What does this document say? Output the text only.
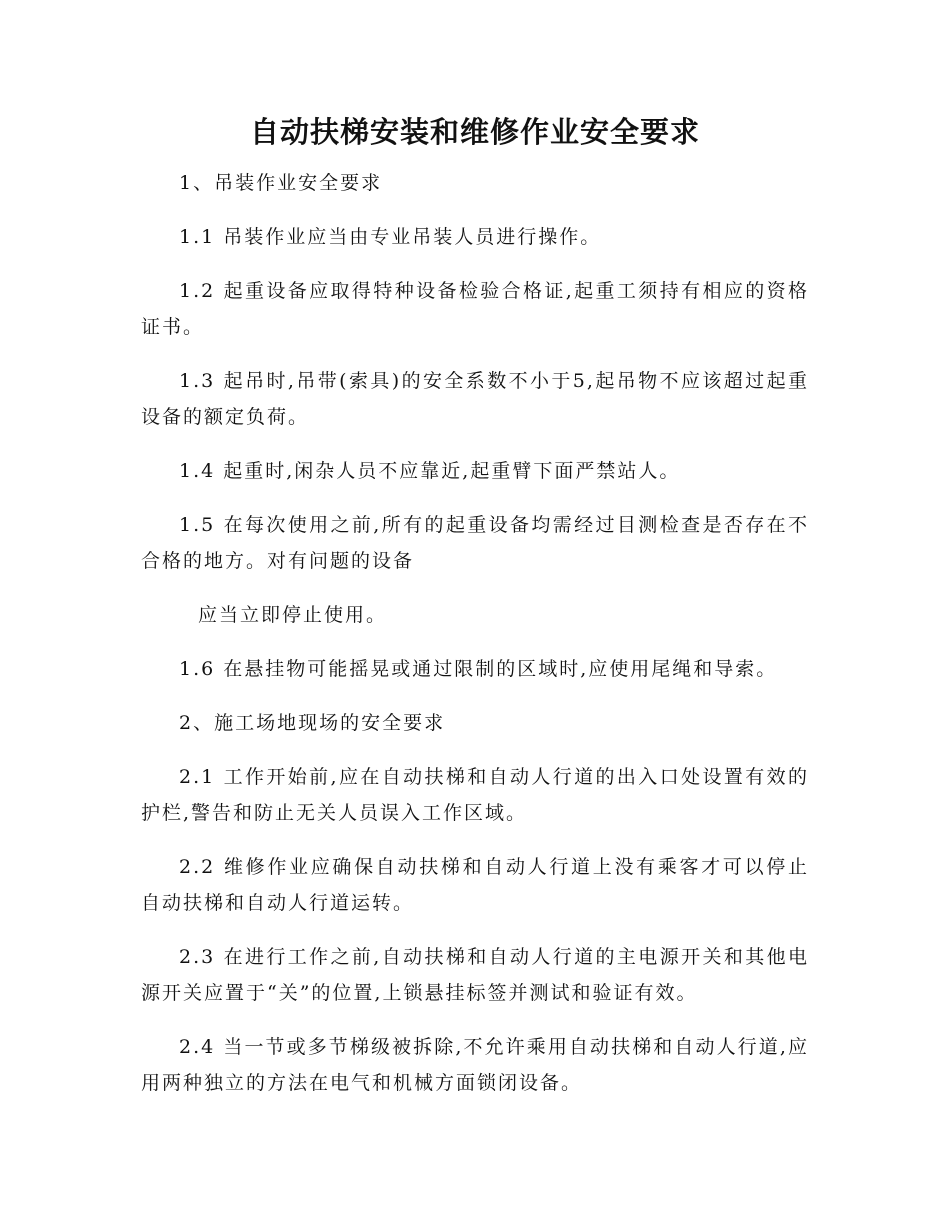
自动扶梯安装和维修作业安全要求

1、吊装作业安全要求

1.1 吊装作业应当由专业吊装人员进行操作。

1.2 起重设备应取得特种设备检验合格证,起重工须持有相应的资格证书。

1.3 起吊时,吊带(索具)的安全系数不小于5,起吊物不应该超过起重设备的额定负荷。

1.4 起重时,闲杂人员不应靠近,起重臂下面严禁站人。

1.5 在每次使用之前,所有的起重设备均需经过目测检查是否存在不合格的地方。对有问题的设备

应当立即停止使用。

1.6 在悬挂物可能摇晃或通过限制的区域时,应使用尾绳和导索。

2、施工场地现场的安全要求

2.1 工作开始前,应在自动扶梯和自动人行道的出入口处设置有效的护栏,警告和防止无关人员误入工作区域。

2.2 维修作业应确保自动扶梯和自动人行道上没有乘客才可以停止自动扶梯和自动人行道运转。

2.3 在进行工作之前,自动扶梯和自动人行道的主电源开关和其他电源开关应置于“关”的位置,上锁悬挂标签并测试和验证有效。

2.4 当一节或多节梯级被拆除,不允许乘用自动扶梯和自动人行道,应用两种独立的方法在电气和机械方面锁闭设备。
